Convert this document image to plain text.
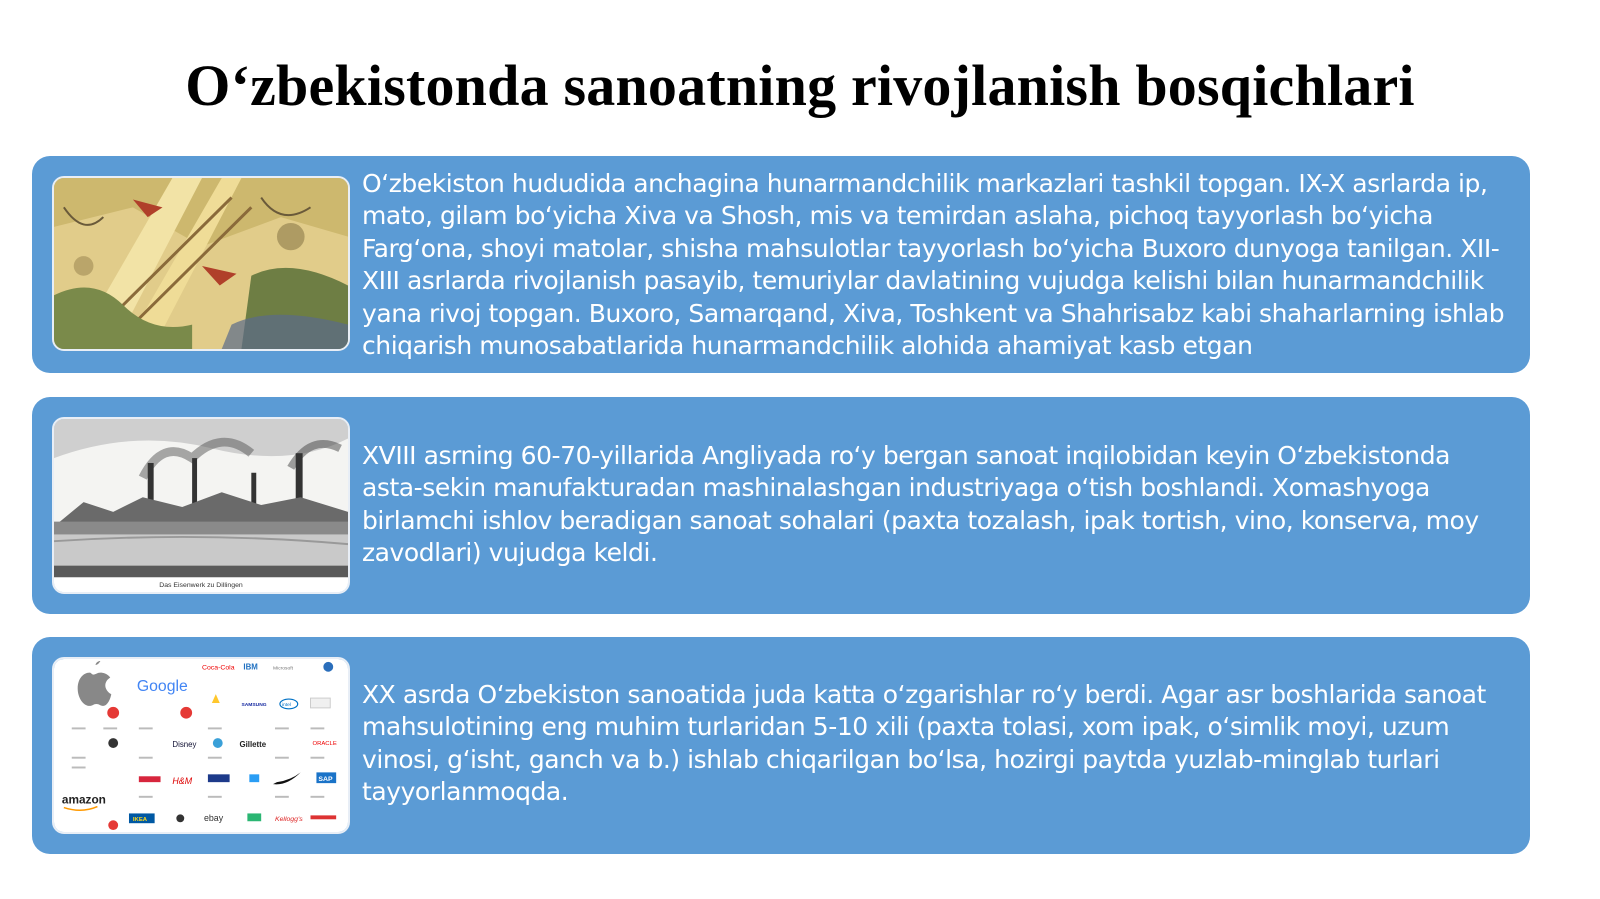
O‘zbekistonda sanoatning rivojlanish bosqichlari
Oʻzbekiston hududida anchagina hunarmandchilik markazlari tashkil topgan. IX-X asrlarda ip, mato, gilam boʻyicha Xiva va Shosh, mis va temirdan aslaha, pichoq tayyorlash boʻyicha Fargʻona, shoyi matolar, shisha mahsulotlar tayyorlash boʻyicha Buxoro dunyoga tanilgan. XII-XIII asrlarda rivojlanish pasayib, temuriylar davlatining vujudga kelishi bilan hunarmandchilik yana rivoj topgan. Buxoro, Samarqand, Xiva, Toshkent va Shahrisabz kabi shaharlarning ishlab chiqarish munosabatlarida hunarmandchilik alohida ahamiyat kasb etgan
Das Eisenwerk zu Dillingen
XVIII asrning 60-70-yillarida Angliyada roʻy bergan sanoat inqilobidan keyin Oʻzbekistonda asta-sekin manufakturadan mashinalashgan industriyaga oʻtish boshlandi. Xomashyoga birlamchi ishlov beradigan sanoat sohalari (paxta tozalash, ipak tortish, vino, konserva, moy zavodlari) vujudga keldi.
Google
Coca-Cola IBM	Microsoft
ORACLE
SAMSUNG	intel
Disney	Gillette
H&M	SAP
amazon
ebay
IKEA	Kellogg's
XX asrda Oʻzbekiston sanoatida juda katta oʻzgarishlar roʻy berdi. Agar asr boshlarida sanoat mahsulotining eng muhim turlaridan 5-10 xili (paxta tolasi, xom ipak, oʻsimlik moyi, uzum vinosi, gʻisht, ganch va b.) ishlab chiqarilgan boʻlsa, hozirgi paytda yuzlab-minglab turlari tayyorlanmoqda.
